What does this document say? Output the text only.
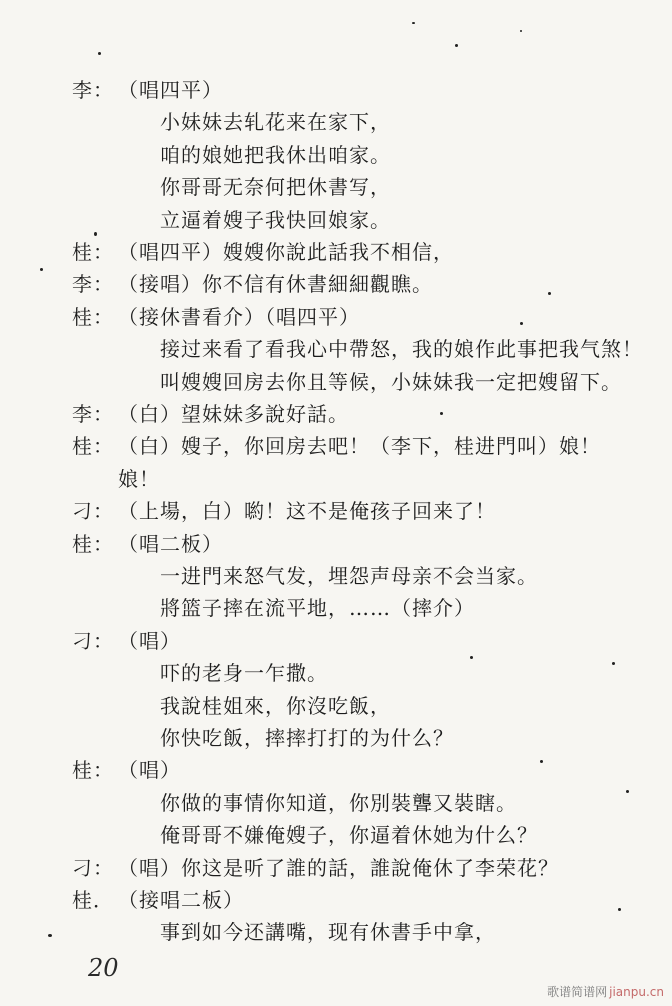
李： （唱四平）
小妹妹去轧花来在家下，
咱的娘她把我休出咱家。
你哥哥无奈何把休書写，
立逼着嫂子我快回娘家。
桂： （唱四平）嫂嫂你說此話我不相信，
李： （接唱）你不信有休書細細觀瞧。
桂： （接休書看介）（唱四平）
接过来看了看我心中帶怒，我的娘作此事把我气煞！
叫嫂嫂回房去你且等候，小妹妹我一定把嫂留下。
李： （白）望妹妹多說好話。
桂： （白）嫂子，你回房去吧！（李下，桂进門叫）娘！
娘！
刁： （上場，白）喲！这不是俺孩子回来了！
桂： （唱二板）
一进門来怒气发，埋怨声母亲不会当家。
將篮子摔在流平地，……（摔介）
刁： （唱）
吓的老身一乍撒。
我說桂姐來，你沒吃飯，
你快吃飯，摔摔打打的为什么？
桂： （唱）
你做的事情你知道，你別裝聾又裝瞎。
俺哥哥不嫌俺嫂子，你逼着休她为什么？
刁： （唱）你这是听了誰的話，誰說俺休了李荣花？
桂． （接唱二板）
事到如今还講嘴，现有休書手中拿，
20
歌谱简谱网 jianpu.cn
